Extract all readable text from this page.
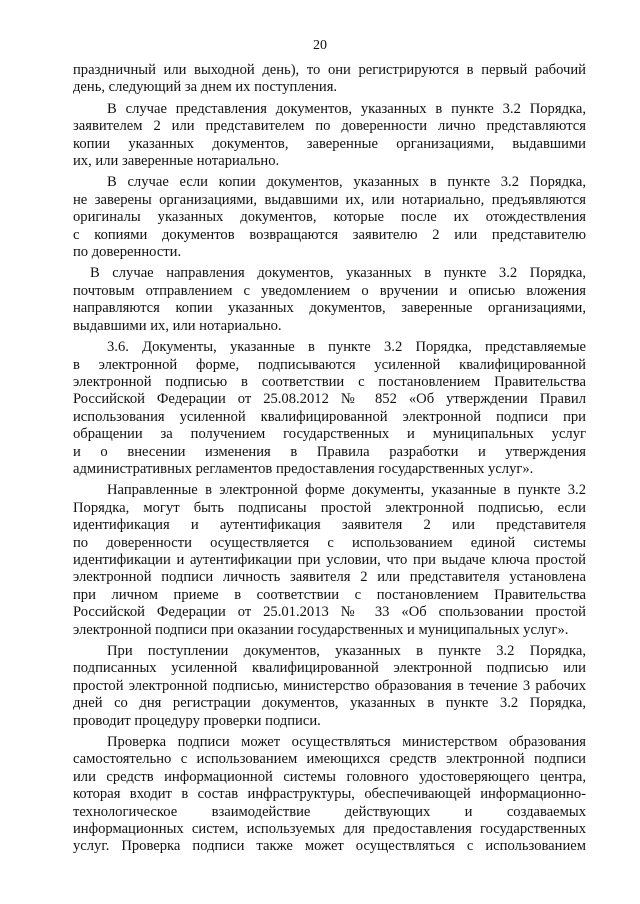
20
праздничный или выходной день), то они регистрируются в первый рабочий
день, следующий за днем их поступления.
В случае представления документов, указанных в пункте 3.2 Порядка,
заявителем 2 или представителем по доверенности лично представляются
копии указанных документов, заверенные организациями, выдавшими
их, или заверенные нотариально.
В случае если копии документов, указанных в пункте 3.2 Порядка,
не заверены организациями, выдавшими их, или нотариально, предъявляются
оригиналы указанных документов, которые после их отождествления
с копиями документов возвращаются заявителю 2 или представителю
по доверенности.
В случае направления документов, указанных в пункте 3.2 Порядка,
почтовым отправлением с уведомлением о вручении и описью вложения
направляются копии указанных документов, заверенные организациями,
выдавшими их, или нотариально.
3.6. Документы, указанные в пункте 3.2 Порядка, представляемые
в электронной форме, подписываются усиленной квалифицированной
электронной подписью в соответствии с постановлением Правительства
Российской Федерации от 25.08.2012 № 852 «Об утверждении Правил
использования усиленной квалифицированной электронной подписи при
обращении за получением государственных и муниципальных услуг
и о внесении изменения в Правила разработки и утверждения
административных регламентов предоставления государственных услуг».
Направленные в электронной форме документы, указанные в пункте 3.2
Порядка, могут быть подписаны простой электронной подписью, если
идентификация и аутентификация заявителя 2 или представителя
по доверенности осуществляется с использованием единой системы
идентификации и аутентификации при условии, что при выдаче ключа простой
электронной подписи личность заявителя 2 или представителя установлена
при личном приеме в соответствии с постановлением Правительства
Российской Федерации от 25.01.2013 № 33 «Об спользовании простой
электронной подписи при оказании государственных и муниципальных услуг».
При поступлении документов, указанных в пункте 3.2 Порядка,
подписанных усиленной квалифицированной электронной подписью или
простой электронной подписью, министерство образования в течение 3 рабочих
дней со дня регистрации документов, указанных в пункте 3.2 Порядка,
проводит процедуру проверки подписи.
Проверка подписи может осуществляться министерством образования
самостоятельно с использованием имеющихся средств электронной подписи
или средств информационной системы головного удостоверяющего центра,
которая входит в состав инфраструктуры, обеспечивающей информационно-
технологическое взаимодействие действующих и создаваемых
информационных систем, используемых для предоставления государственных
услуг. Проверка подписи также может осуществляться с использованием
